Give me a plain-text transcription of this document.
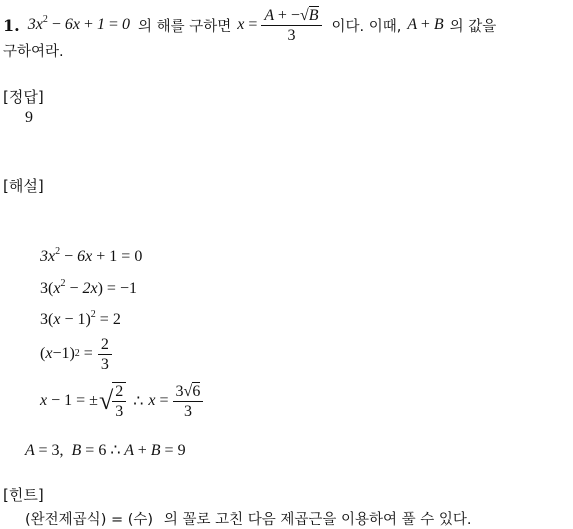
1. $3x^2 - 6x + 1 = 0$ 의 해를 구하면 $x = \frac{A + -√B}{3}$ 이다. 이때, A + B 의 값을
구하여라.
[정답]
9
[해설]
$3x^2 - 6x + 1 = 0$
$3(x^2 - 2x) = -1$
$3(x - 1)^2 = 2$
( x − 1) 2
= $\frac{2}{3}$
x − 1 = ± √ $\frac{2}{3}$ ∴ $x = \frac{3√6}{3}$
A = 3,  B = 6 ∴ A + B = 9
[힌트]
(완전제곱식) = (수) 의 꼴로 고친 다음 제곱근을 이용하여 풀 수 있다.
